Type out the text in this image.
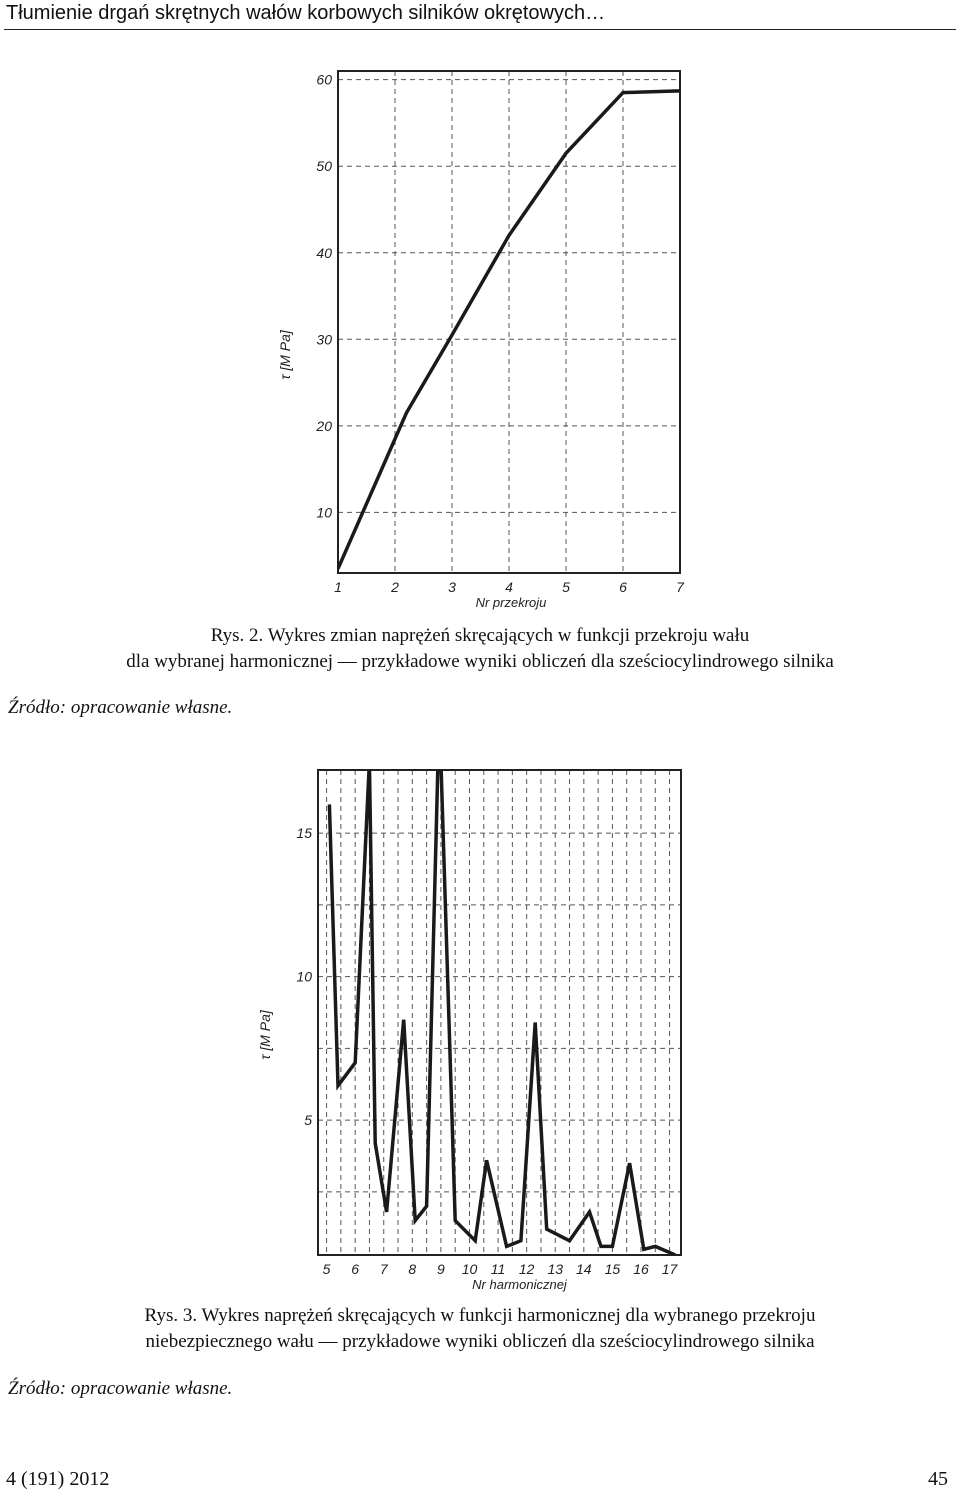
Tłumienie drgań skrętnych wałów korbowych silników okrętowych…
10
20
30
40
50
60
1	2	3	4	5	6	7
Nr przekroju
τ [M Pa]
Rys. 2. Wykres zmian naprężeń skręcających w funkcji przekroju wału
dla wybranej harmonicznej — przykładowe wyniki obliczeń dla sześciocylindrowego silnika
Źródło: opracowanie własne.
5
10
15
5 6 7 8 9 10 11 12 13 14 15 16 17
Nr harmonicznej
τ [M Pa]
Rys. 3. Wykres naprężeń skręcających w funkcji harmonicznej dla wybranego przekroju
niebezpiecznego wału — przykładowe wyniki obliczeń dla sześciocylindrowego silnika
Źródło: opracowanie własne.
4 (191) 2012	45
